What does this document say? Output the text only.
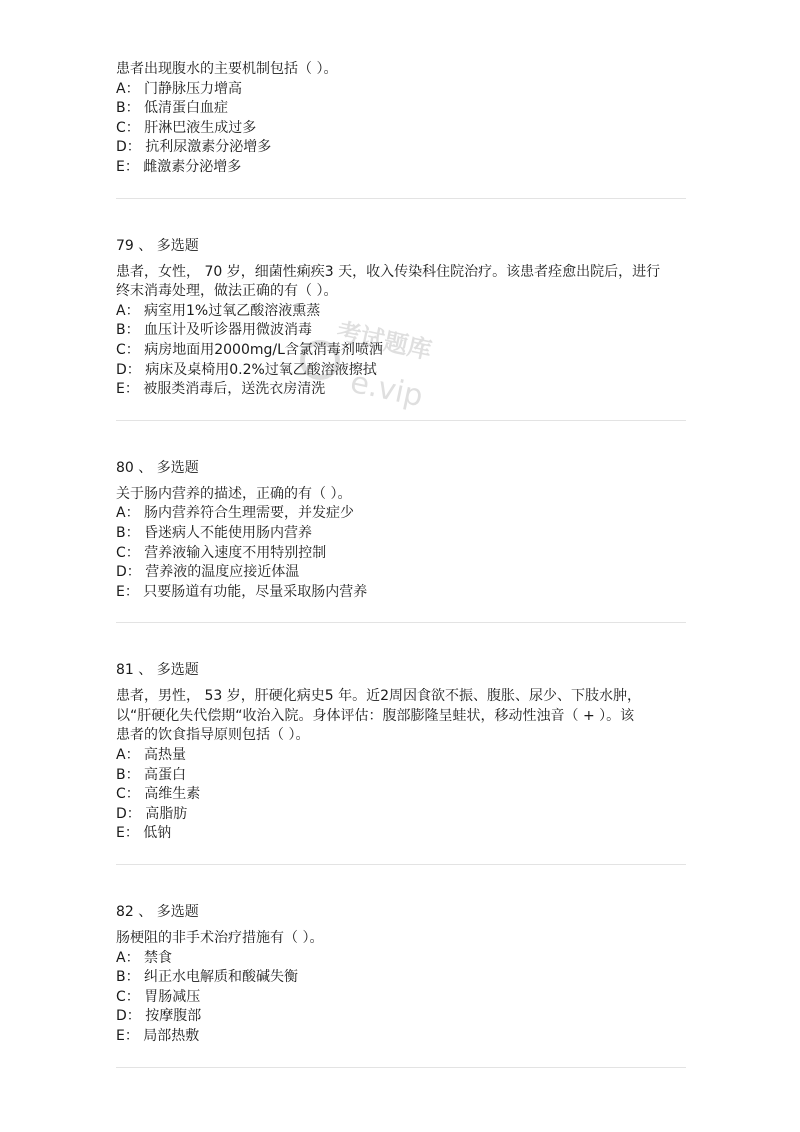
患者出现腹水的主要机制包括（ ）。
A： 门静脉压力增高
B： 低清蛋白血症
C： 肝淋巴液生成过多
D： 抗利尿激素分泌增多
E： 雌激素分泌增多
79 、 多选题
患者，女性， 70 岁，细菌性痢疾3 天，收入传染科住院治疗。该患者痊愈出院后，进行
终末消毒处理，做法正确的有（ ）。
A： 病室用1%过氧乙酸溶液熏蒸
B： 血压计及听诊器用微波消毒
C： 病房地面用2000mg/L含氯消毒剂喷洒
D： 病床及桌椅用0.2%过氧乙酸溶液擦拭
E： 被服类消毒后，送洗衣房清洗
80 、 多选题
关于肠内营养的描述，正确的有（ ）。
A： 肠内营养符合生理需要，并发症少
B： 昏迷病人不能使用肠内营养
C： 营养液输入速度不用特别控制
D： 营养液的温度应接近体温
E： 只要肠道有功能，尽量采取肠内营养
81 、 多选题
患者，男性， 53 岁，肝硬化病史5 年。近2周因食欲不振、腹胀、尿少、下肢水肿，
以“肝硬化失代偿期“收治入院。身体评估：腹部膨隆呈蛙状，移动性浊音（ + ）。该
患者的饮食指导原则包括（ ）。
A： 高热量
B： 高蛋白
C： 高维生素
D： 高脂肪
E： 低钠
82 、 多选题
肠梗阻的非手术治疗措施有（ ）。
A： 禁食
B： 纠正水电解质和酸碱失衡
C： 胃肠减压
D： 按摩腹部
E： 局部热敷
考试题库
e.vip
